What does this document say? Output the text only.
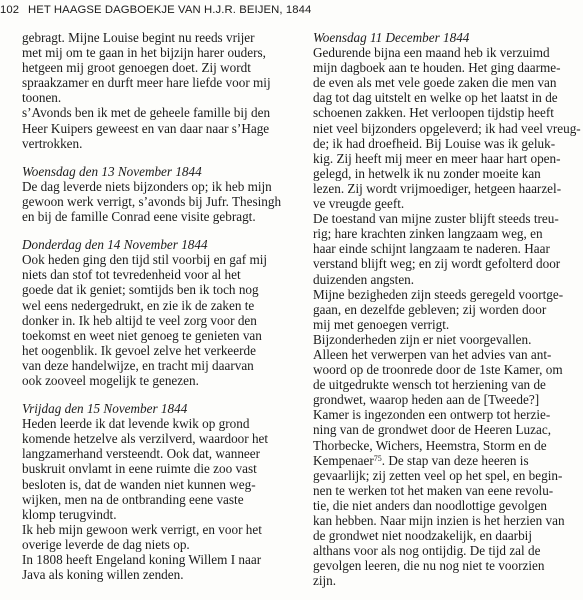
102 HET HAAGSE DAGBOEKJE VAN H.J.R. BEIJEN, 1844
gebragt. Mijne Louise begint nu reeds vrijer
met mij om te gaan in het bijzijn harer ouders,
hetgeen mij groot genoegen doet. Zij wordt
spraakzamer en durft meer hare liefde voor mij
toonen.
s’Avonds ben ik met de geheele famille bij den
Heer Kuipers geweest en van daar naar s’Hage
vertrokken.
Woensdag den 13 November 1844
De dag leverde niets bijzonders op; ik heb mijn
gewoon werk verrigt, s’avonds bij Jufr. Thesingh
en bij de famille Conrad eene visite gebragt.
Donderdag den 14 November 1844
Ook heden ging den tijd stil voorbij en gaf mij
niets dan stof tot tevredenheid voor al het
goede dat ik geniet; somtijds ben ik toch nog
wel eens nedergedrukt, en zie ik de zaken te
donker in. Ik heb altijd te veel zorg voor den
toekomst en weet niet genoeg te genieten van
het oogenblik. Ik gevoel zelve het verkeerde
van deze handelwijze, en tracht mij daarvan
ook zooveel mogelijk te genezen.
Vrijdag den 15 November 1844
Heden leerde ik dat levende kwik op grond
komende hetzelve als verzilverd, waardoor het
langzamerhand versteendt. Ook dat, wanneer
buskruit onvlamt in eene ruimte die zoo vast
besloten is, dat de wanden niet kunnen weg-
wijken, men na de ontbranding eene vaste
klomp terugvindt.
Ik heb mijn gewoon werk verrigt, en voor het
overige leverde de dag niets op.
In 1808 heeft Engeland koning Willem I naar
Java als koning willen zenden.
Woensdag 11 December 1844
Gedurende bijna een maand heb ik verzuimd
mijn dagboek aan te houden. Het ging daarme-
de even als met vele goede zaken die men van
dag tot dag uitstelt en welke op het laatst in de
schoenen zakken. Het verloopen tijdstip heeft
niet veel bijzonders opgeleverd; ik had veel vreug-
de; ik had droefheid. Bij Louise was ik geluk-
kig. Zij heeft mij meer en meer haar hart open-
gelegd, in hetwelk ik nu zonder moeite kan
lezen. Zij wordt vrijmoediger, hetgeen haarzel-
ve vreugde geeft.
De toestand van mijne zuster blijft steeds treu-
rig; hare krachten zinken langzaam weg, en
haar einde schijnt langzaam te naderen. Haar
verstand blijft weg; en zij wordt gefolterd door
duizenden angsten.
Mijne bezigheden zijn steeds geregeld voortge-
gaan, en dezelfde gebleven; zij worden door
mij met genoegen verrigt.
Bijzonderheden zijn er niet voorgevallen.
Alleen het verwerpen van het advies van ant-
woord op de troonrede door de 1ste Kamer, om
de uitgedrukte wensch tot herziening van de
grondwet, waarop heden aan de [Tweede?]
Kamer is ingezonden een ontwerp tot herzie-
ning van de grondwet door de Heeren Luzac,
Thorbecke, Wichers, Heemstra, Storm en de
Kempenaer$^{75}$. De stap van deze heeren is
gevaarlijk; zij zetten veel op het spel, en begin-
nen te werken tot het maken van eene revolu-
tie, die niet anders dan noodlottige gevolgen
kan hebben. Naar mijn inzien is het herzien van
de grondwet niet noodzakelijk, en daarbij
althans voor als nog ontijdig. De tijd zal de
gevolgen leeren, die nu nog niet te voorzien
zijn.
